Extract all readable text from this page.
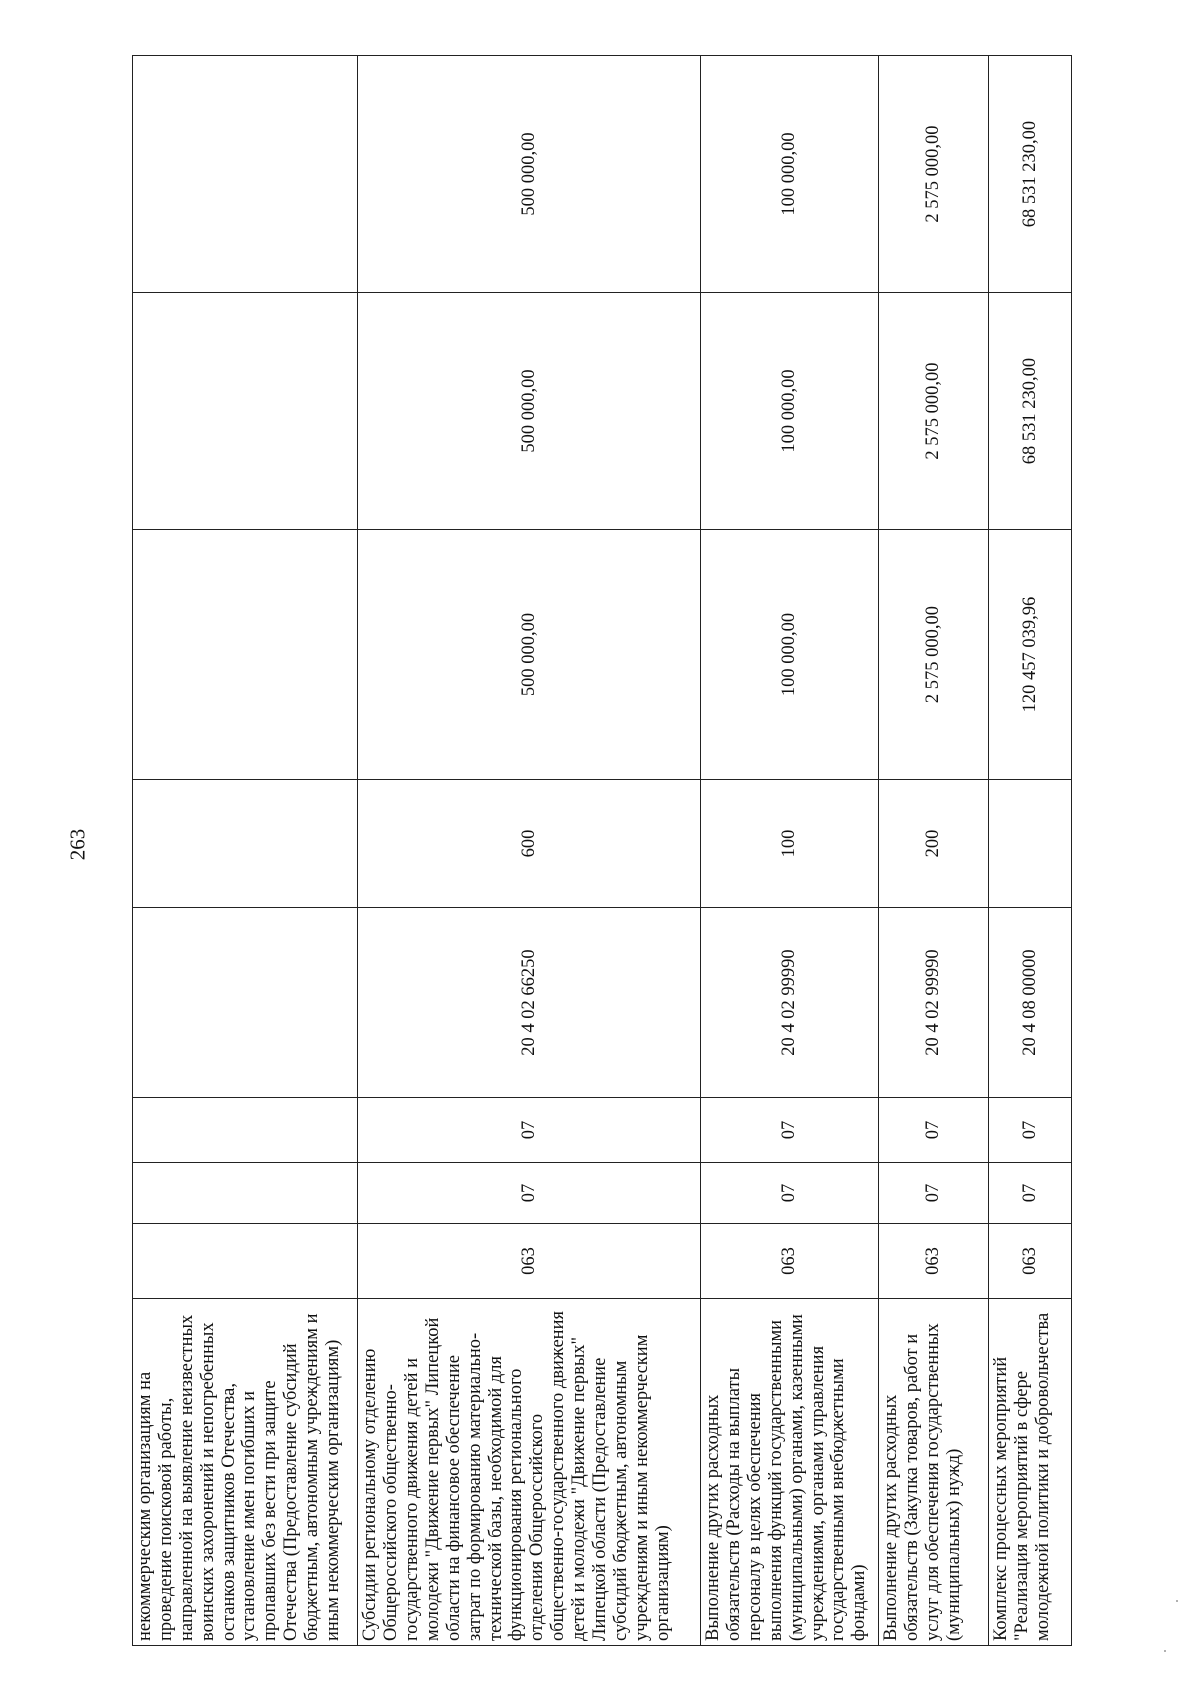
263
некоммерческим организациям на проведение поисковой работы, направленной на выявление неизвестных воинских захоронений и непогребенных останков защитников Отечества, установление имен погибших и пропавших без вести при защите Отечества (Предоставление субсидий бюджетным, автономным учреждениям и иным некоммерческим организациям)								
Субсидии региональному отделению Общероссийского общественно-государственного движения детей и молодежи "Движение первых" Липецкой области на финансовое обеспечение затрат по формированию материально-технической базы, необходимой для функционирования регионального отделения Общероссийского общественно-государственного движения детей и молодежи "Движение первых" Липецкой области (Предоставление субсидий бюджетным, автономным учреждениям и иным некоммерческим организациям)	063	07	07	20 4 02 66250	600	500 000,00	500 000,00	500 000,00
Выполнение других расходных обязательств (Расходы на выплаты персоналу в целях обеспечения выполнения функций государственными (муниципальными) органами, казенными учреждениями, органами управления государственными внебюджетными фондами)	063	07	07	20 4 02 99990	100	100 000,00	100 000,00	100 000,00
Выполнение других расходных обязательств (Закупка товаров, работ и услуг для обеспечения государственных (муниципальных) нужд)	063	07	07	20 4 02 99990	200	2 575 000,00	2 575 000,00	2 575 000,00
Комплекс процессных мероприятий "Реализация мероприятий в сфере молодежной политики и добровольчества	063	07	07	20 4 08 00000		120 457 039,96	68 531 230,00	68 531 230,00
